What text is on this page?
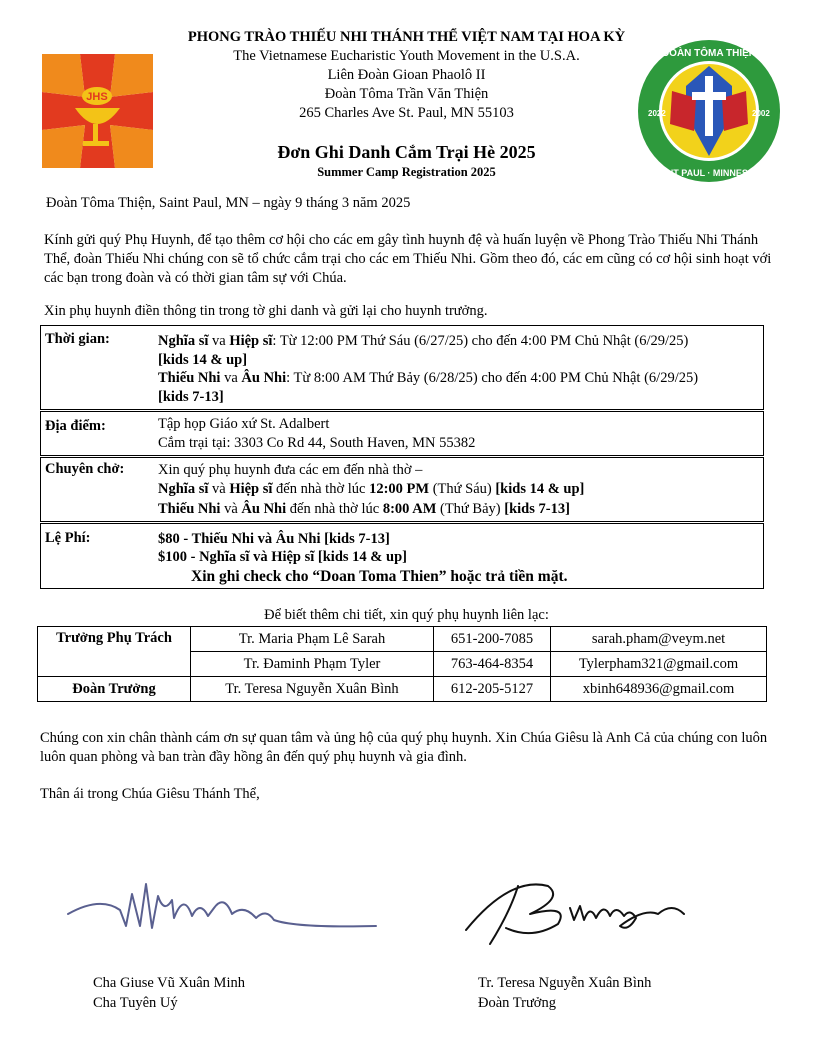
JHS
ĐOÀN TÔMA THIỆN
SAINT PAUL · MINNESOTA
2022	2002
PHONG TRÀO THIẾU NHI THÁNH THỂ VIỆT NAM TẠI HOA KỲ
The Vietnamese Eucharistic Youth Movement in the U.S.A.
Liên Đoàn Gioan Phaolô II
Đoàn Tôma Trần Văn Thiện
265 Charles Ave St. Paul, MN 55103
Đơn Ghi Danh Cắm Trại Hè 2025
Summer Camp Registration 2025
Đoàn Tôma Thiện, Saint Paul, MN – ngày 9 tháng 3 năm 2025
Kính gửi quý Phụ Huynh, để tạo thêm cơ hội cho các em gây tình huynh đệ và huấn luyện về Phong Trào Thiếu Nhi Thánh Thể, đoàn Thiếu Nhi chúng con sẽ tổ chức cắm trại cho các em Thiếu Nhi. Gồm theo đó, các em cũng có cơ hội sinh hoạt với các bạn trong đoàn và có thời gian tâm sự với Chúa.
Xin phụ huynh điền thông tin trong tờ ghi danh và gửi lại cho huynh trưởng.
Thời gian:	Nghĩa sĩ va Hiệp sĩ: Từ 12:00 PM Thứ Sáu (6/27/25) cho đến 4:00 PM Chủ Nhật (6/29/25)
[kids 14 & up]
Thiếu Nhi va Âu Nhi: Từ 8:00 AM Thứ Bảy (6/28/25) cho đến 4:00 PM Chủ Nhật (6/29/25)
[kids 7-13]
Địa điểm:	Tập họp Giáo xứ St. Adalbert
Cắm trại tại: 3303 Co Rd 44, South Haven, MN 55382
Chuyên chở: Xin quý phụ huynh đưa các em đến nhà thờ –
Nghĩa sĩ và Hiệp sĩ đến nhà thờ lúc 12:00 PM (Thứ Sáu) [kids 14 & up]
Thiếu Nhi và Âu Nhi đến nhà thờ lúc 8:00 AM (Thứ Bảy) [kids 7-13]
Lệ Phí:	$80 - Thiếu Nhi và Âu Nhi [kids 7-13]
$100 - Nghĩa sĩ và Hiệp sĩ [kids 14 & up]
Xin ghi check cho “Doan Toma Thien” hoặc trả tiền mặt.
Để biết thêm chi tiết, xin quý phụ huynh liên lạc:
Trưởng Phụ Trách	Tr. Maria Phạm Lê Sarah	651-200-7085	sarah.pham@veym.net
	Tr. Đaminh Phạm Tyler	763-464-8354	Tylerpham321@gmail.com
Đoàn Trưởng	Tr. Teresa Nguyễn Xuân Bình	612-205-5127	xbinh648936@gmail.com
Chúng con xin chân thành cám ơn sự quan tâm và ủng hộ của quý phụ huynh. Xin Chúa Giêsu là Anh Cả của chúng con luôn luôn quan phòng và ban tràn đầy hồng ân đến quý phụ huynh và gia đình.
Thân ái trong Chúa Giêsu Thánh Thể,
Cha Giuse Vũ Xuân Minh
Cha Tuyên Uý
Tr. Teresa Nguyễn Xuân Bình
Đoàn Trưởng
